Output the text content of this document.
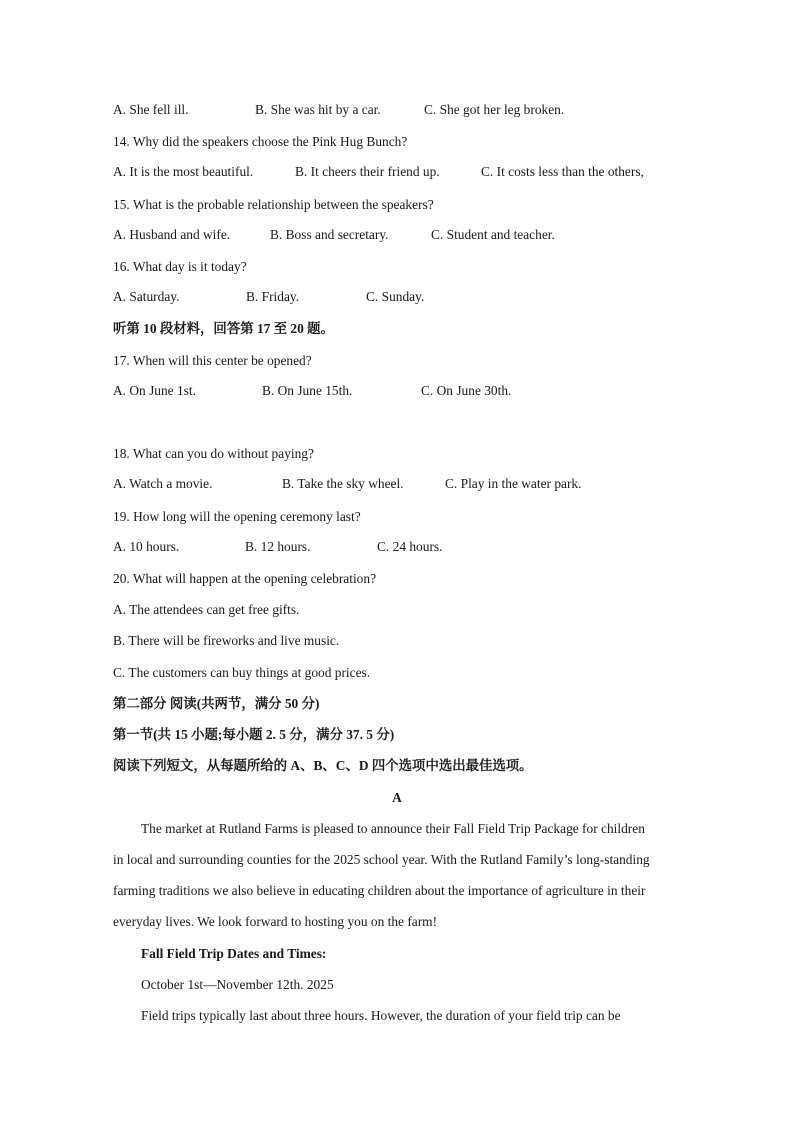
A. She fell ill.	B. She was hit by a car.	C. She got her leg broken.
14. Why did the speakers choose the Pink Hug Bunch?
A. It is the most beautiful.	B. It cheers their friend up.	C. It costs less than the others,
15. What is the probable relationship between the speakers?
A. Husband and wife.	B. Boss and secretary.	C. Student and teacher.
16. What day is it today?
A. Saturday.	B. Friday.	C. Sunday.
听第 10 段材料，回答第 17 至 20 题。
17. When will this center be opened?
A. On June 1st.	B. On June 15th.	C. On June 30th.
18. What can you do without paying?
A. Watch a movie.	B. Take the sky wheel.	C. Play in the water park.
19. How long will the opening ceremony last?
A. 10 hours.	B. 12 hours.	C. 24 hours.
20. What will happen at the opening celebration?
A. The attendees can get free gifts.
B. There will be fireworks and live music.
C. The customers can buy things at good prices.
第二部分 阅读(共两节，满分 50 分)
第一节(共 15 小题;每小题 2. 5 分，满分 37. 5 分)
阅读下列短文，从每题所给的 A、B、C、D 四个选项中选出最佳选项。
A
The market at Rutland Farms is pleased to announce their Fall Field Trip Package for children
in local and surrounding counties for the 2025 school year. With the Rutland Family’s long-standing
farming traditions we also believe in educating children about the importance of agriculture in their
everyday lives. We look forward to hosting you on the farm!
Fall Field Trip Dates and Times:
October 1st—November 12th. 2025
Field trips typically last about three hours. However, the duration of your field trip can be
